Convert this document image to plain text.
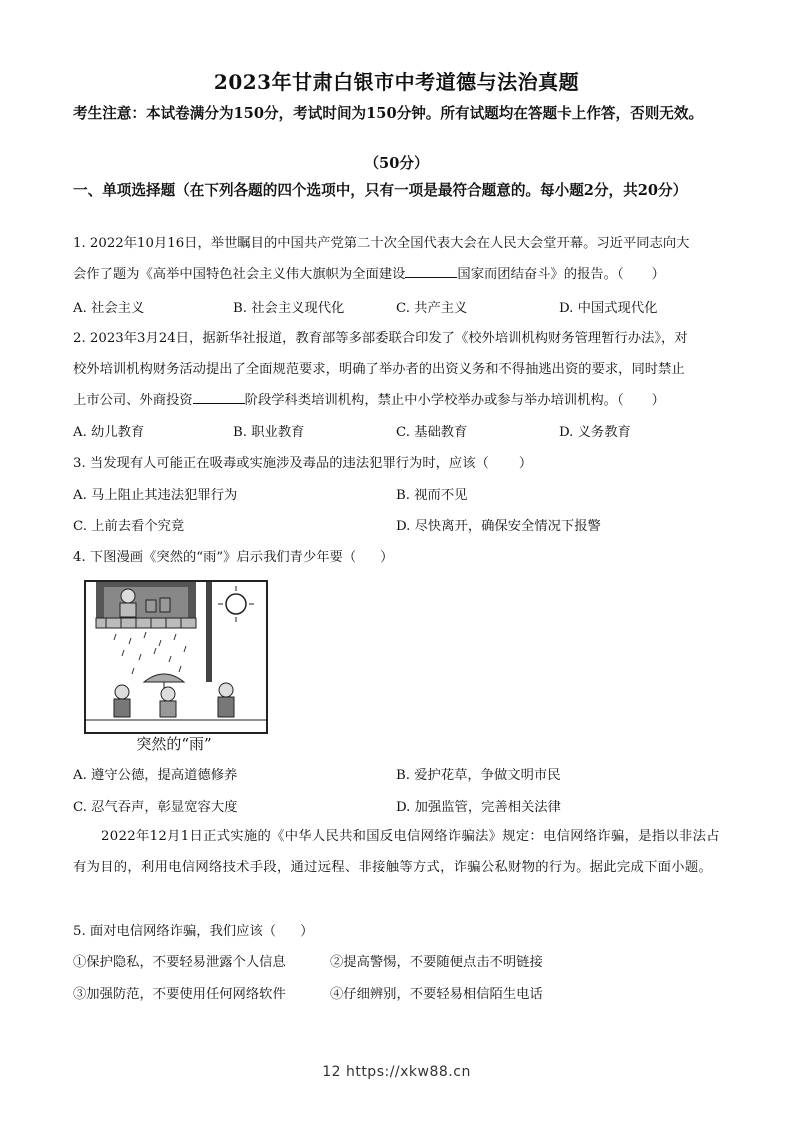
2023年甘肃白银市中考道德与法治真题
考生注意：本试卷满分为150分，考试时间为150分钟。所有试题均在答题卡上作答，否则无效。
（50分）
一、单项选择题（在下列各题的四个选项中，只有一项是最符合题意的。每小题2分，共20分）
1. 2022年10月16日，举世瞩目的中国共产党第二十次全国代表大会在人民大会堂开幕。习近平同志向大
会作了题为《高举中国特色社会主义伟大旗帜为全面建设	国家而团结奋斗》的报告。（ ）
A. 社会主义	B. 社会主义现代化	C. 共产主义	D. 中国式现代化
2. 2023年3月24日，据新华社报道，教育部等多部委联合印发了《校外培训机构财务管理暂行办法》，对
校外培训机构财务活动提出了全面规范要求，明确了举办者的出资义务和不得抽逃出资的要求，同时禁止
上市公司、外商投资	阶段学科类培训机构，禁止中小学校举办或参与举办培训机构。（ ）
A. 幼儿教育	B. 职业教育	C. 基础教育	D. 义务教育
3. 当发现有人可能正在吸毒或实施涉及毒品的违法犯罪行为时，应该（ ）
A. 马上阻止其违法犯罪行为	B. 视而不见
C. 上前去看个究竟	D. 尽快离开，确保安全情况下报警
4. 下图漫画《突然的“雨”》启示我们青少年要（ ）
突然的“雨”
A. 遵守公德，提高道德修养	B. 爱护花草，争做文明市民
C. 忍气吞声，彰显宽容大度	D. 加强监管，完善相关法律
2022年12月1日正式实施的《中华人民共和国反电信网络诈骗法》规定：电信网络诈骗，是指以非法占有为目的，利用电信网络技术手段，通过远程、非接触等方式，诈骗公私财物的行为。据此完成下面小题。
5. 面对电信网络诈骗，我们应该（ ）
①保护隐私，不要轻易泄露个人信息	②提高警惕，不要随便点击不明链接
③加强防范，不要使用任何网络软件	④仔细辨别，不要轻易相信陌生电话
12 https://xkw88.cn
